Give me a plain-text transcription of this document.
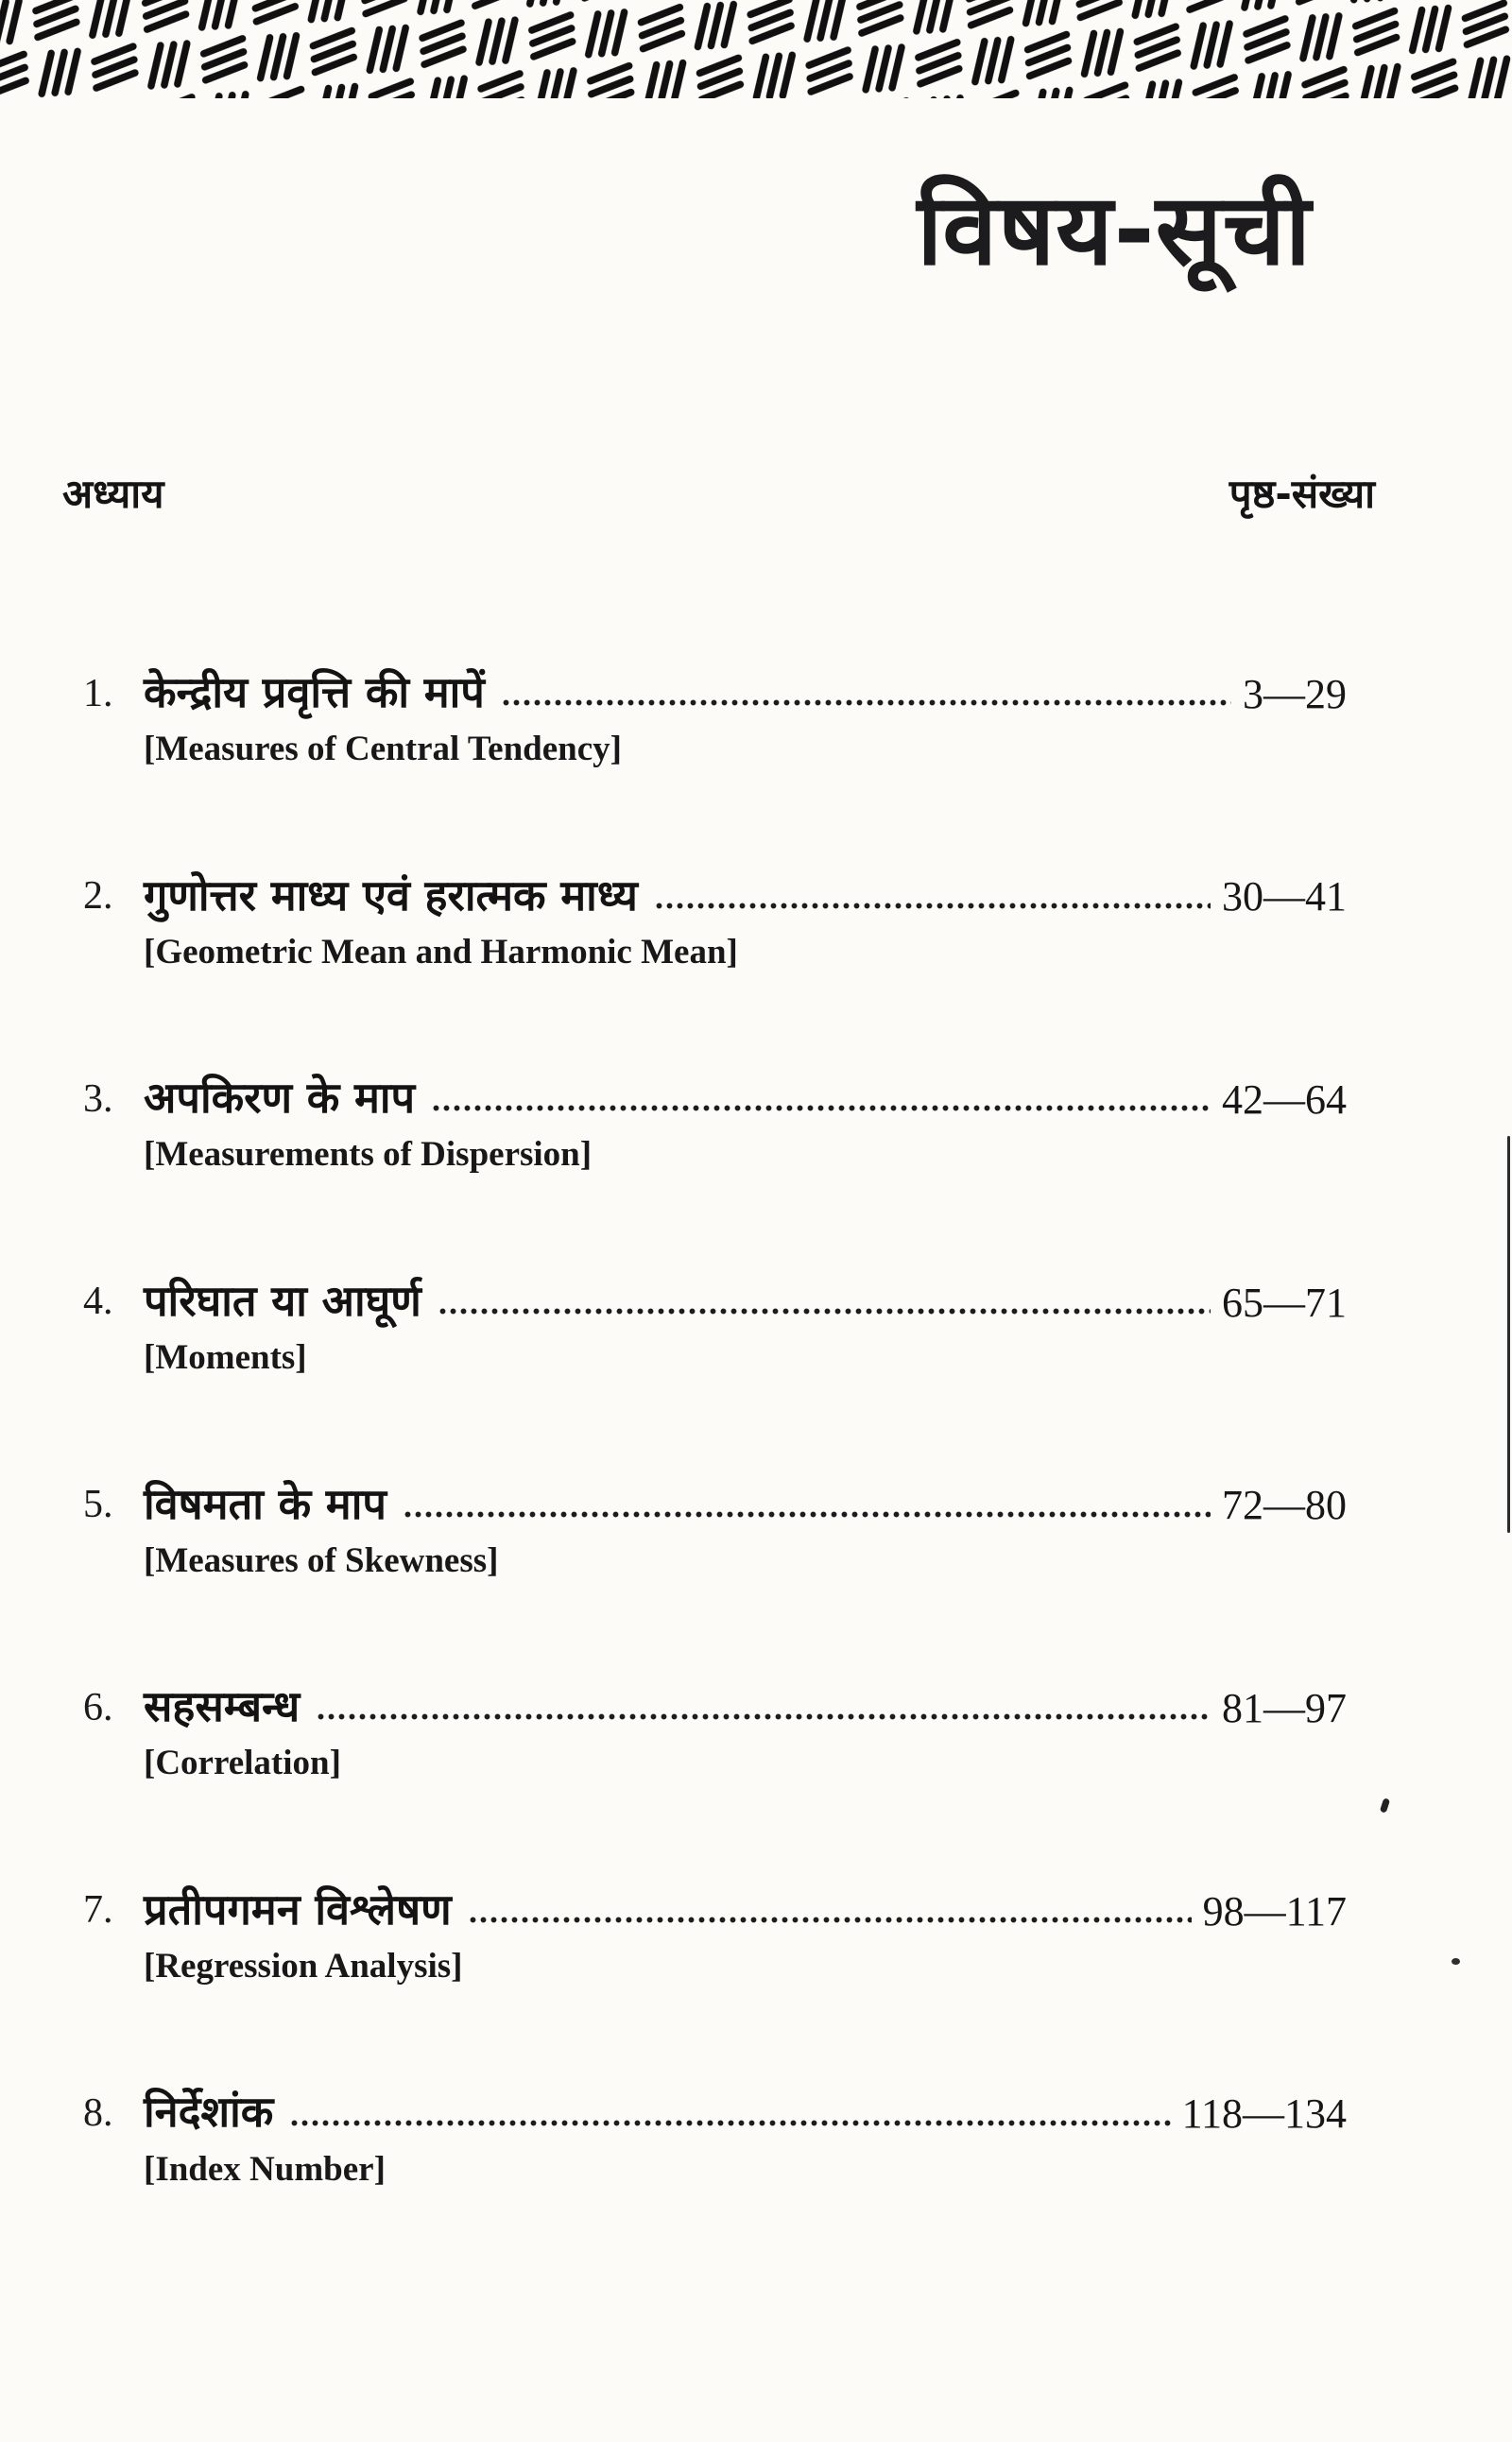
विषय-सूची
अध्याय	पृष्ठ-संख्या
1. केन्द्रीय प्रवृत्ति की मापें	3—29
[Measures of Central Tendency]
2. गुणोत्तर माध्य एवं हरात्मक माध्य	30—41
[Geometric Mean and Harmonic Mean]
3. अपकिरण के माप	42—64
[Measurements of Dispersion]
4. परिघात या आघूर्ण	65—71
[Moments]
5. विषमता के माप	72—80
[Measures of Skewness]
6. सहसम्बन्ध	81—97
[Correlation]
7. प्रतीपगमन विश्लेषण	98—117
[Regression Analysis]
8. निर्देशांक	118—134
[Index Number]
